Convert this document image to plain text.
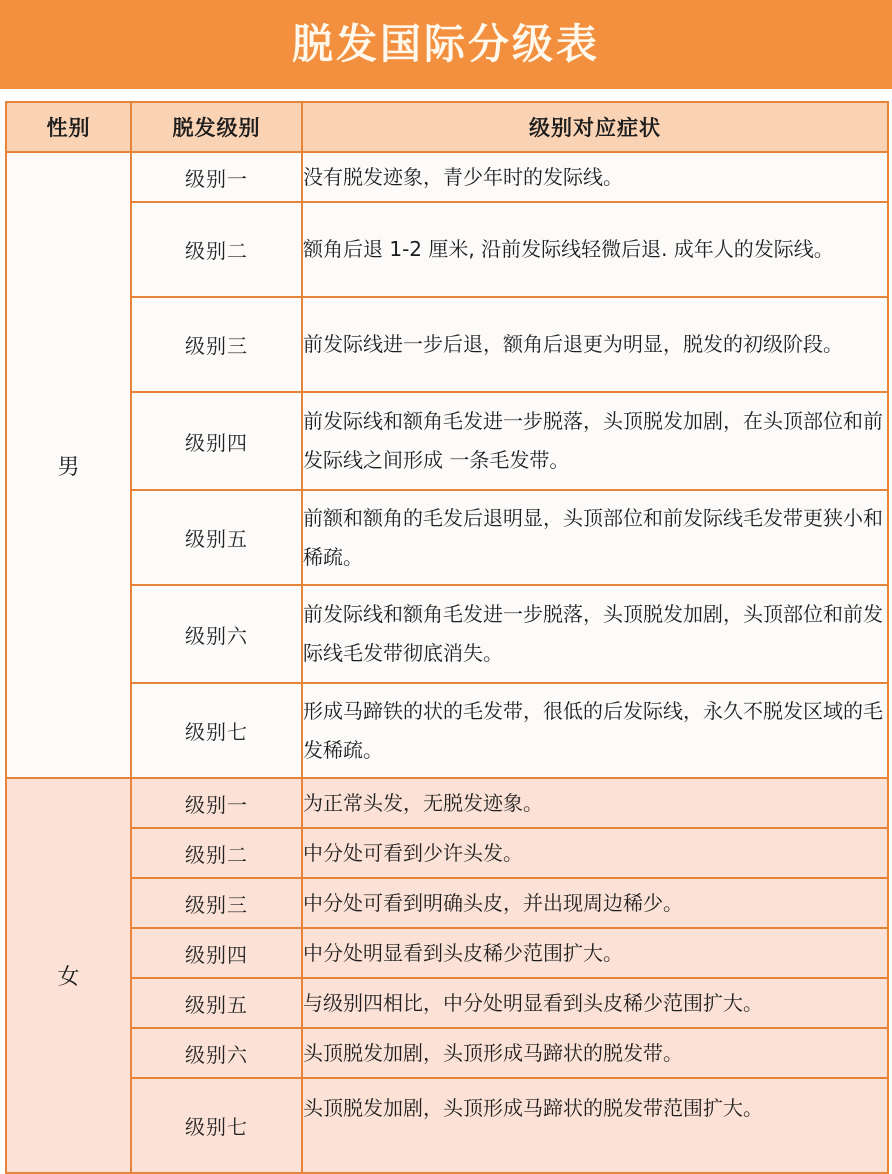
脱发国际分级表
性别	脱发级别	级别对应症状
男	级别一	没有脱发迹象，青少年时的发际线。
	级别二	额角后退 1-2 厘米, 沿前发际线轻微后退. 成年人的发际线。
	级别三	前发际线进一步后退，额角后退更为明显，脱发的初级阶段。
	级别四	前发际线和额角毛发进一步脱落，头顶脱发加剧，在头顶部位和前发际线之间形成 一条毛发带。
	级别五	前额和额角的毛发后退明显，头顶部位和前发际线毛发带更狭小和稀疏。
	级别六	前发际线和额角毛发进一步脱落，头顶脱发加剧，头顶部位和前发际线毛发带彻底消失。
	级别七	形成马蹄铁的状的毛发带，很低的后发际线，永久不脱发区域的毛发稀疏。
女	级别一	为正常头发，无脱发迹象。
	级别二	中分处可看到少许头发。
	级别三	中分处可看到明确头皮，并出现周边稀少。
	级别四	中分处明显看到头皮稀少范围扩大。
	级别五	与级别四相比，中分处明显看到头皮稀少范围扩大。
	级别六	头顶脱发加剧，头顶形成马蹄状的脱发带。
	级别七	头顶脱发加剧，头顶形成马蹄状的脱发带范围扩大。
